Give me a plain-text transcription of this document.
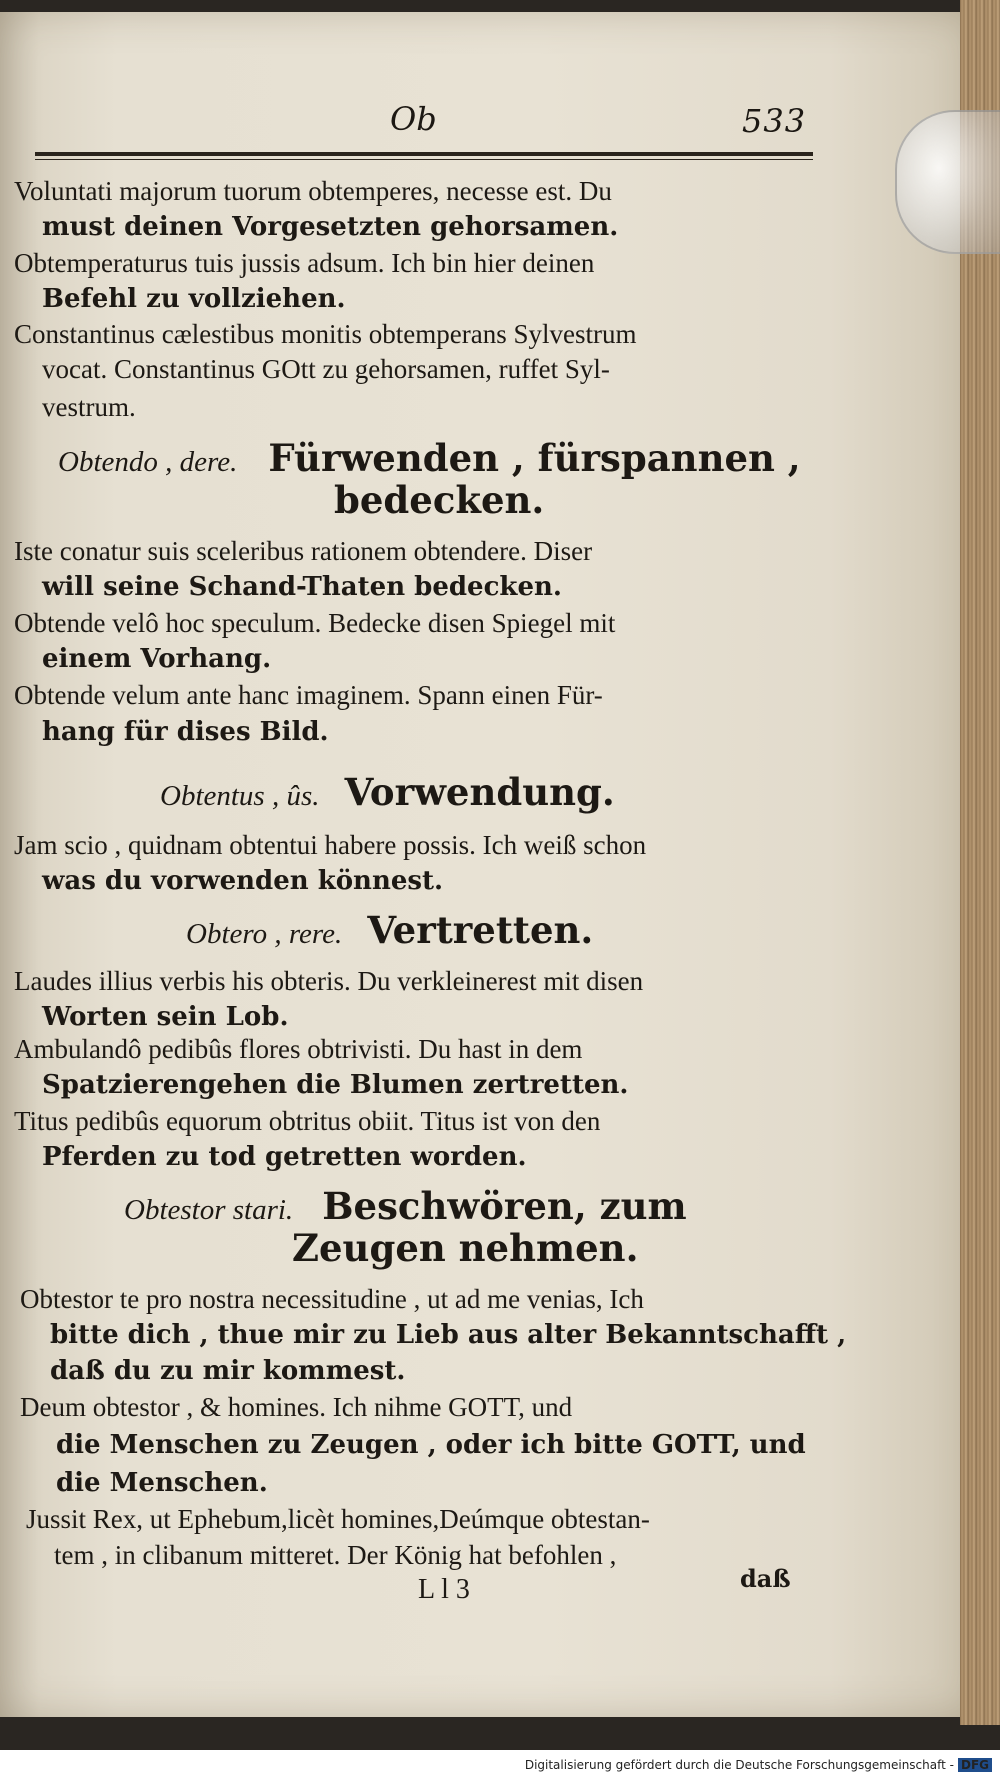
Ob	533
Voluntati majorum tuorum obtemperes, necesse est. Du
must deinen Vorgesetzten gehorsamen.
Obtemperaturus tuis jussis adsum. Ich bin hier deinen
Befehl zu vollziehen.
Constantinus cælestibus monitis obtemperans Sylvestrum
vocat. Constantinus GOtt zu gehorsamen, ruffet Syl-
vestrum.
Obtendo , dere. Fürwenden , fürspannen ,
bedecken.
Iste conatur suis sceleribus rationem obtendere. Diser
will seine Schand-Thaten bedecken.
Obtende velô hoc speculum. Bedecke disen Spiegel mit
einem Vorhang.
Obtende velum ante hanc imaginem. Spann einen Für-
hang für dises Bild.
Obtentus , ûs. Vorwendung.
Jam scio , quidnam obtentui habere possis. Ich weiß schon
was du vorwenden könnest.
Obtero , rere. Vertretten.
Laudes illius verbis his obteris. Du verkleinerest mit disen
Worten sein Lob.
Ambulandô pedibûs flores obtrivisti. Du hast in dem
Spatzierengehen die Blumen zertretten.
Titus pedibûs equorum obtritus obiit. Titus ist von den
Pferden zu tod getretten worden.
Obtestor stari. Beschwören, zum
Zeugen nehmen.
Obtestor te pro nostra necessitudine , ut ad me venias, Ich
bitte dich , thue mir zu Lieb aus alter Bekanntschafft ,
daß du zu mir kommest.
Deum obtestor , & homines. Ich nihme GOTT, und
die Menschen zu Zeugen , oder ich bitte GOTT, und
die Menschen.
Jussit Rex, ut Ephebum,licèt homines,Deúmque obtestan-
tem , in clibanum mitteret. Der König hat befohlen ,
L l 3	daß
Digitalisierung gefördert durch die Deutsche Forschungsgemeinschaft - DFG
